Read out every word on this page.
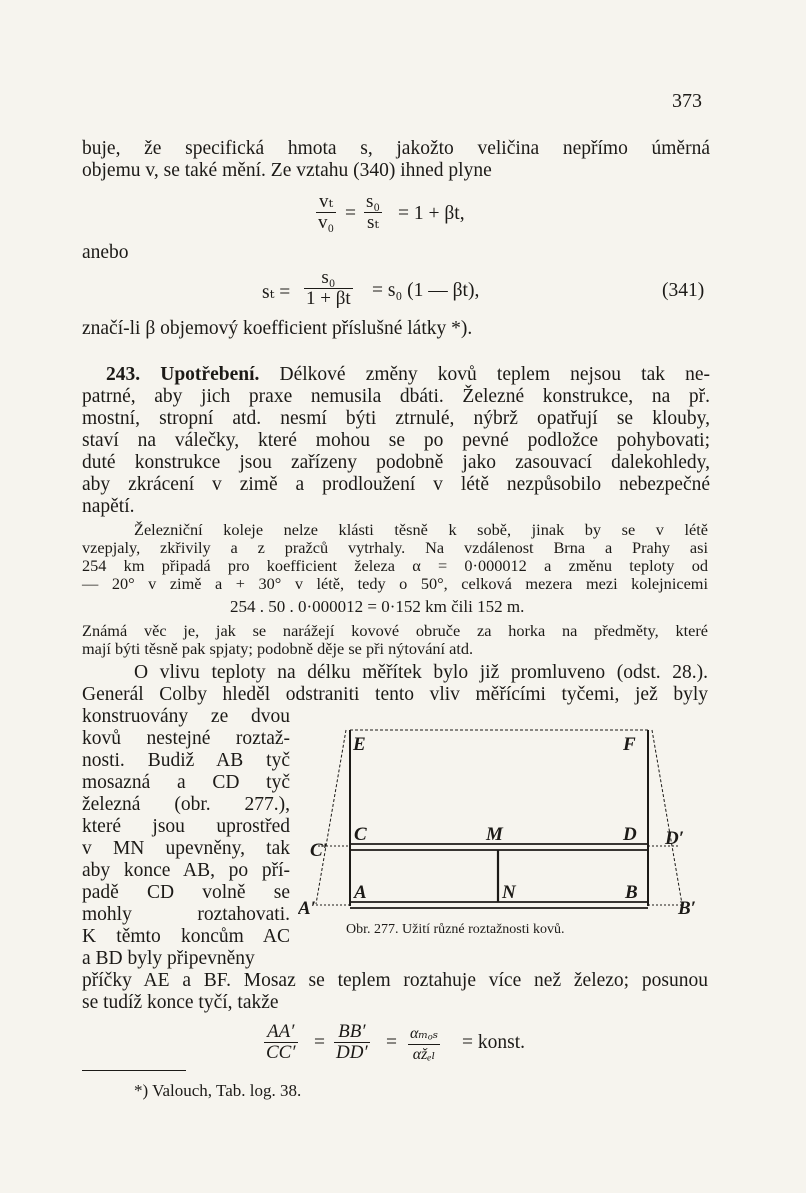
373
buje, že specifická hmota s, jakožto veličina nepřímo úměrná
objemu v, se také mění. Ze vztahu (340) ihned plyne
$\frac{\text{vₜ}}{\text{v₀}} = \frac{\text{s₀}}{\text{sₜ}} = 1 + \beta t$,
anebo
$s_t = \frac{\text{s₀}}{1 + \beta t} = s_0$ (1 — βt),	(341)
značí-li β objemový koefficient příslušné látky *).
243. Upotřebení. Délkové změny kovů teplem nejsou tak ne-
patrné, aby jich praxe nemusila dbáti. Železné konstrukce, na př.
mostní, stropní atd. nesmí býti ztrnulé, nýbrž opatřují se klouby,
staví na válečky, které mohou se po pevné podložce pohybovati;
duté konstrukce jsou zařízeny podobně jako zasouvací dalekohledy,
aby zkrácení v zimě a prodloužení v létě nezpůsobilo nebezpečné
napětí.
Železniční koleje nelze klásti těsně k sobě, jinak by se v létě
vzepjaly, zkřivily a z pražců vytrhaly. Na vzdálenost Brna a Prahy asi
254 km připadá pro koefficient železa α = 0·000012 a změnu teploty od
— 20° v zimě a + 30° v létě, tedy o 50°, celková mezera mezi kolejnicemi
254 . 50 . 0·000012 = 0·152 km čili 152 m.
Známá věc je, jak se narážejí kovové obruče za horka na předměty, které
mají býti těsně pak spjaty; podobně děje se při nýtování atd.
O vlivu teploty na délku měřítek bylo již promluveno (odst. 28.).
Generál Colby hleděl odstraniti tento vliv měřícími tyčemi, jež byly
konstruovány ze dvou
kovů nestejné roztaž-
nosti. Budiž AB tyč
mosazná a CD tyč
železná (obr. 277.),
které jsou uprostřed
v MN upevněny, tak
aby konce AB, po pří-
padě CD volně se
mohly roztahovati.
K těmto koncům AC
a BD byly připevněny
příčky AE a BF. Mosaz se teplem roztahuje více než železo; posunou
se tudíž konce tyčí, takže
E	F
C	M	D
C′
D′
A	N	B
A′	B′
Obr. 277. Užití různé roztažnosti kovů.
$\frac{AA'}{CC'} = \frac{BB'}{DD'} = \alpha_{mos}$
αžₑₗ
= konst.
*) Valouch, Tab. log. 38.
